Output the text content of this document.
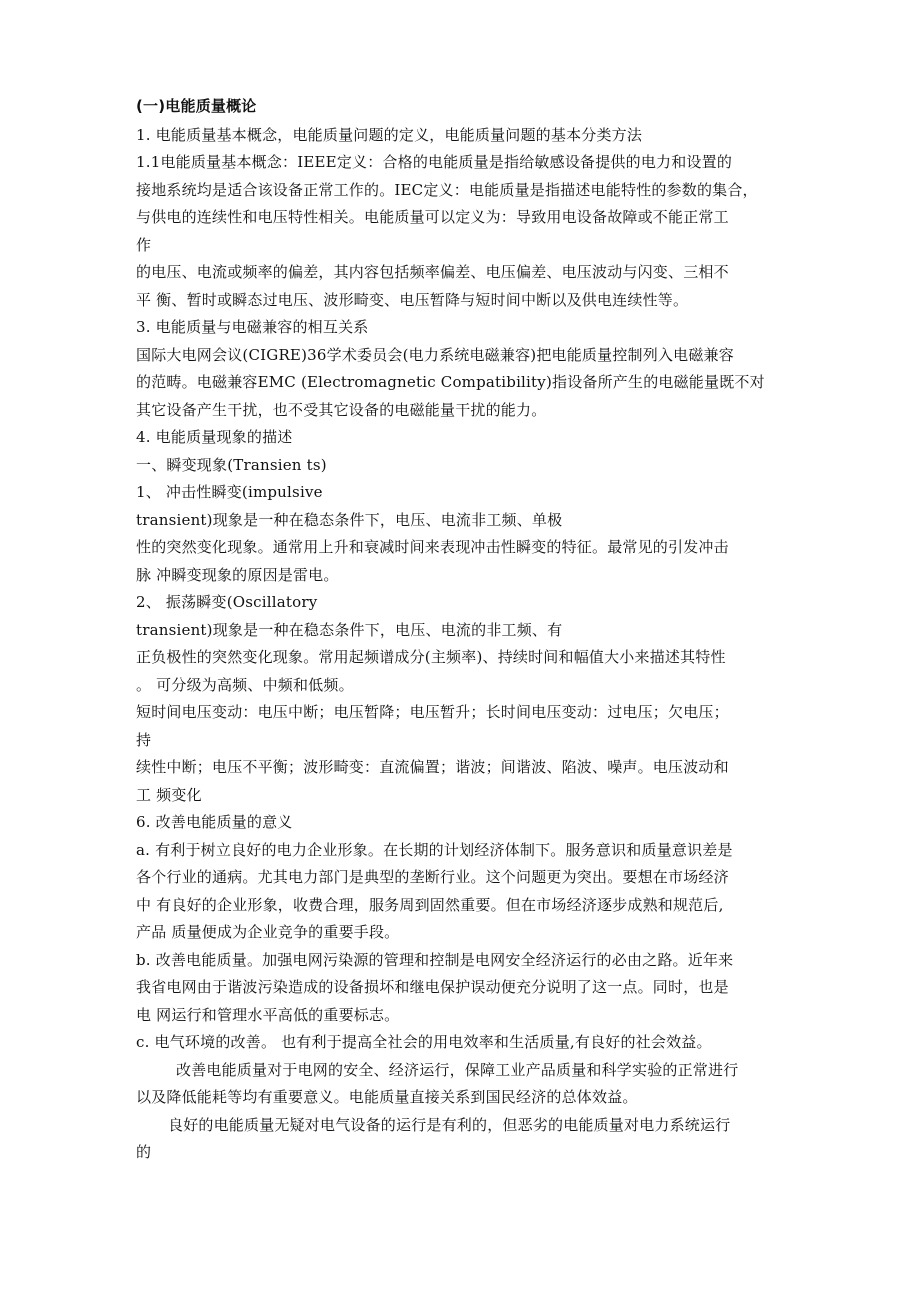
(一)电能质量概论
1. 电能质量基本概念，电能质量问题的定义，电能质量问题的基本分类方法
1.1电能质量基本概念：IEEE定义：合格的电能质量是指给敏感设备提供的电力和设置的
接地系统均是适合该设备正常工作的。IEC定义：电能质量是指描述电能特性的参数的集合，
与供电的连续性和电压特性相关。电能质量可以定义为：导致用电设备故障或不能正常工
作
的电压、电流或频率的偏差，其内容包括频率偏差、电压偏差、电压波动与闪变、三相不
平 衡、暂时或瞬态过电压、波形畸变、电压暂降与短时间中断以及供电连续性等。
3. 电能质量与电磁兼容的相互关系
国际大电网会议(CIGRE)36学术委员会(电力系统电磁兼容)把电能质量控制列入电磁兼容
的范畴。电磁兼容EMC (Electromagnetic Compatibility)指设备所产生的电磁能量既不对
其它设备产生干扰，也不受其它设备的电磁能量干扰的能力。
4. 电能质量现象的描述
一、瞬变现象(Transien ts)
1、 冲击性瞬变(impulsive
transient)现象是一种在稳态条件下，电压、电流非工频、单极
性的突然变化现象。通常用上升和衰减时间来表现冲击性瞬变的特征。最常见的引发冲击
脉 冲瞬变现象的原因是雷电。
2、 振荡瞬变(Oscillatory
transient)现象是一种在稳态条件下，电压、电流的非工频、有
正负极性的突然变化现象。常用起频谱成分(主频率)、持续时间和幅值大小来描述其特性
。 可分级为高频、中频和低频。
短时间电压变动：电压中断；电压暂降；电压暂升；长时间电压变动：过电压；欠电压；
持
续性中断；电压不平衡；波形畸变：直流偏置；谐波；间谐波、陷波、噪声。电压波动和
工 频变化
6. 改善电能质量的意义
a. 有利于树立良好的电力企业形象。在长期的计划经济体制下。服务意识和质量意识差是
各个行业的通病。尤其电力部门是典型的垄断行业。这个问题更为突出。要想在市场经济
中 有良好的企业形象，收费合理，服务周到固然重要。但在市场经济逐步成熟和规范后,
产品 质量便成为企业竞争的重要手段。
b. 改善电能质量。加强电网污染源的管理和控制是电网安全经济运行的必由之路。近年来
我省电网由于谐波污染造成的设备损坏和继电保护误动便充分说明了这一点。同时，也是
电 网运行和管理水平高低的重要标志。
c. 电气环境的改善。 也有利于提高全社会的用电效率和生活质量,有良好的社会效益。
改善电能质量对于电网的安全、经济运行，保障工业产品质量和科学实验的正常进行
以及降低能耗等均有重要意义。电能质量直接关系到国民经济的总体效益。
良好的电能质量无疑对电气设备的运行是有利的，但恶劣的电能质量对电力系统运行
的
